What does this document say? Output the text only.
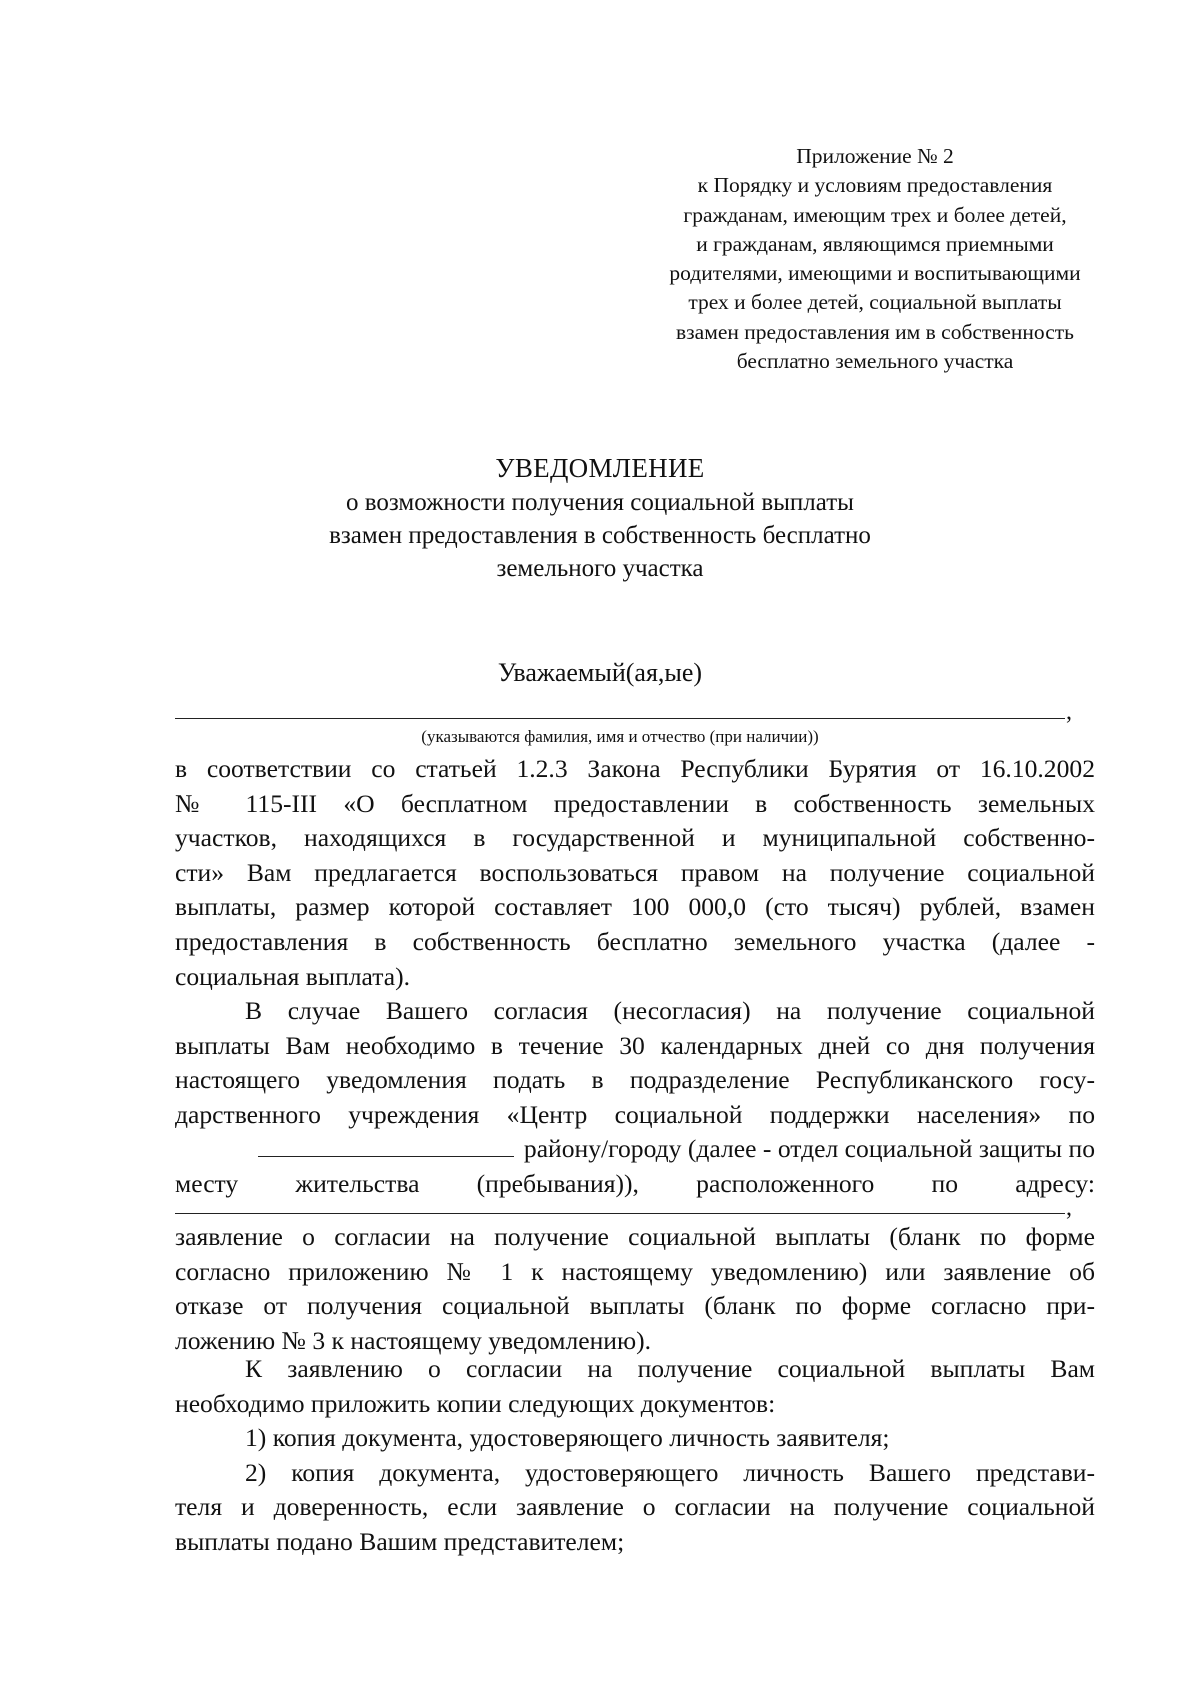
Приложение № 2
к Порядку и условиям предоставления
гражданам, имеющим трех и более детей,
и гражданам, являющимся приемными
родителями, имеющими и воспитывающими
трех и более детей, социальной выплаты
взамен предоставления им в собственность
бесплатно земельного участка
УВЕДОМЛЕНИЕ
о возможности получения социальной выплаты
взамен предоставления в собственность бесплатно
земельного участка
Уважаемый(ая,ые)
,
(указываются фамилия, имя и отчество (при наличии))
в соответствии со статьей 1.2.3 Закона Республики Бурятия от 16.10.2002
№ 115-III «О бесплатном предоставлении в собственность земельных
участков, находящихся в государственной и муниципальной собственно-
сти» Вам предлагается воспользоваться правом на получение социальной
выплаты, размер которой составляет 100 000,0 (сто тысяч) рублей, взамен
предоставления в собственность бесплатно земельного участка (далее -
социальная выплата).
В случае Вашего согласия (несогласия) на получение социальной
выплаты Вам необходимо в течение 30 календарных дней со дня получения
настоящего уведомления подать в подразделение Республиканского госу-
дарственного учреждения «Центр социальной поддержки населения» по
районy/городу (далее - отдел социальной защиты по
месту жительства (пребывания)), расположенного по адресу:
,
заявление о согласии на получение социальной выплаты (бланк по форме
согласно приложению № 1 к настоящему уведомлению) или заявление об
отказе от получения социальной выплаты (бланк по форме согласно при-
ложению № 3 к настоящему уведомлению).
К заявлению о согласии на получение социальной выплаты Вам
необходимо приложить копии следующих документов:
1) копия документа, удостоверяющего личность заявителя;
2) копия документа, удостоверяющего личность Вашего представи-
теля и доверенность, если заявление о согласии на получение социальной
выплаты подано Вашим представителем;
